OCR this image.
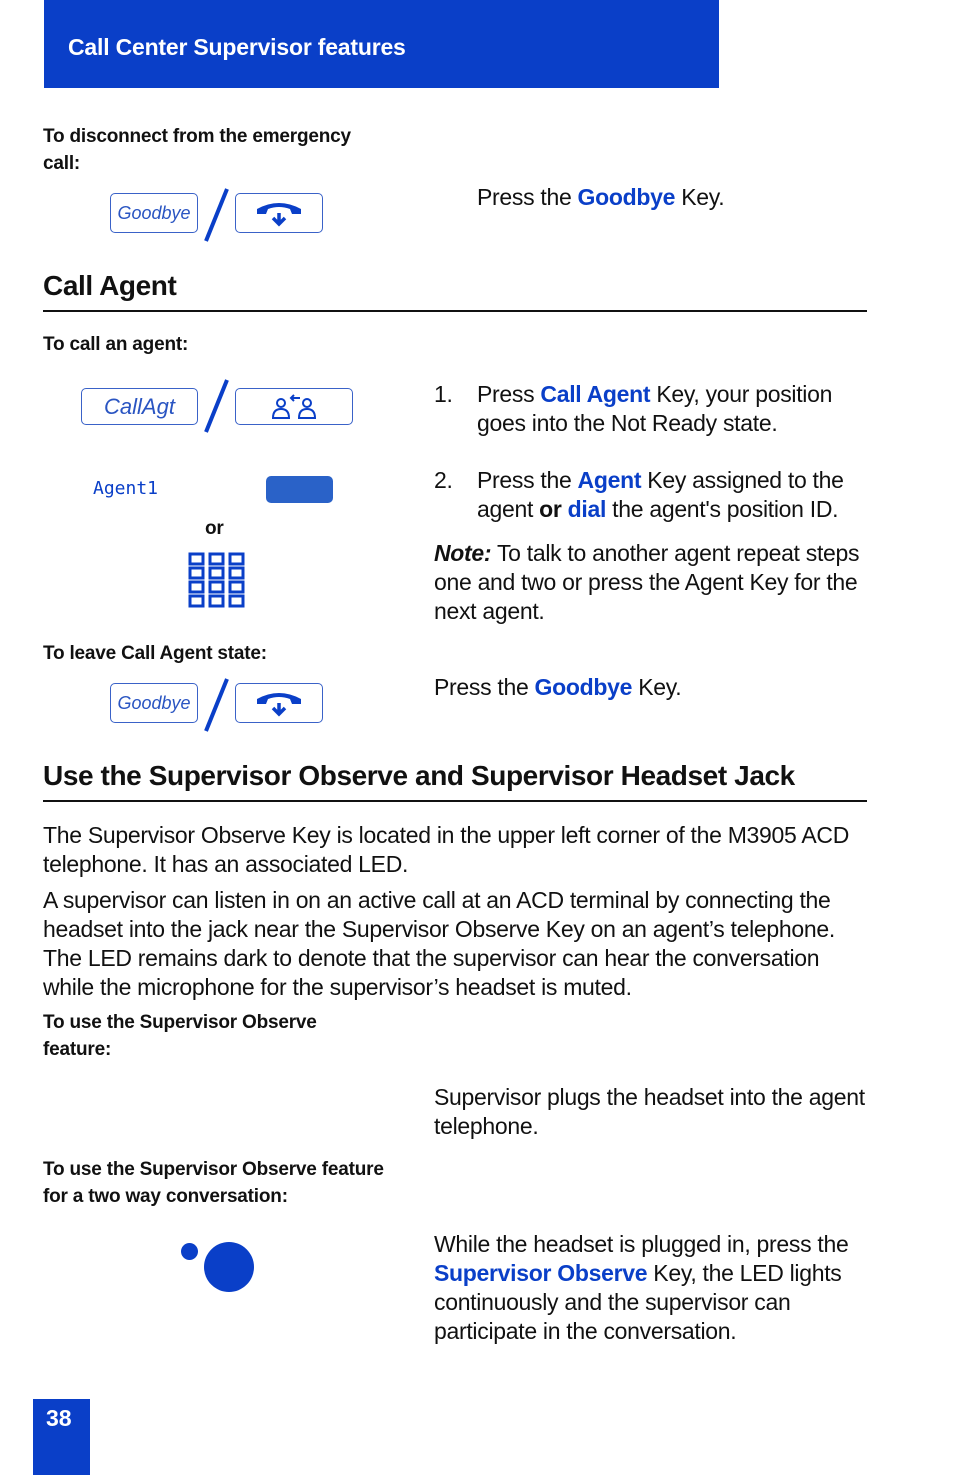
Call Center Supervisor features
To disconnect from the emergency call:
Goodbye
Press the Goodbye Key.
Call Agent
To call an agent:
CallAgt
Agent1
or
1. Press Call Agent Key, your position goes into the Not Ready state.
2. Press the Agent Key assigned to the agent or dial the agent's position ID.
Note: To talk to another agent repeat steps one and two or press the Agent Key for the next agent.
To leave Call Agent state:
Goodbye
Press the Goodbye Key.
Use the Supervisor Observe and Supervisor Headset Jack
The Supervisor Observe Key is located in the upper left corner of the M3905 ACD telephone. It has an associated LED.
A supervisor can listen in on an active call at an ACD terminal by connecting the headset into the jack near the Supervisor Observe Key on an agent’s telephone. The LED remains dark to denote that the supervisor can hear the conversation while the microphone for the supervisor’s headset is muted.
To use the Supervisor Observe feature:
Supervisor plugs the headset into the agent telephone.
To use the Supervisor Observe feature for a two way conversation:
While the headset is plugged in, press the Supervisor Observe Key, the LED lights continuously and the supervisor can participate in the conversation.
38
